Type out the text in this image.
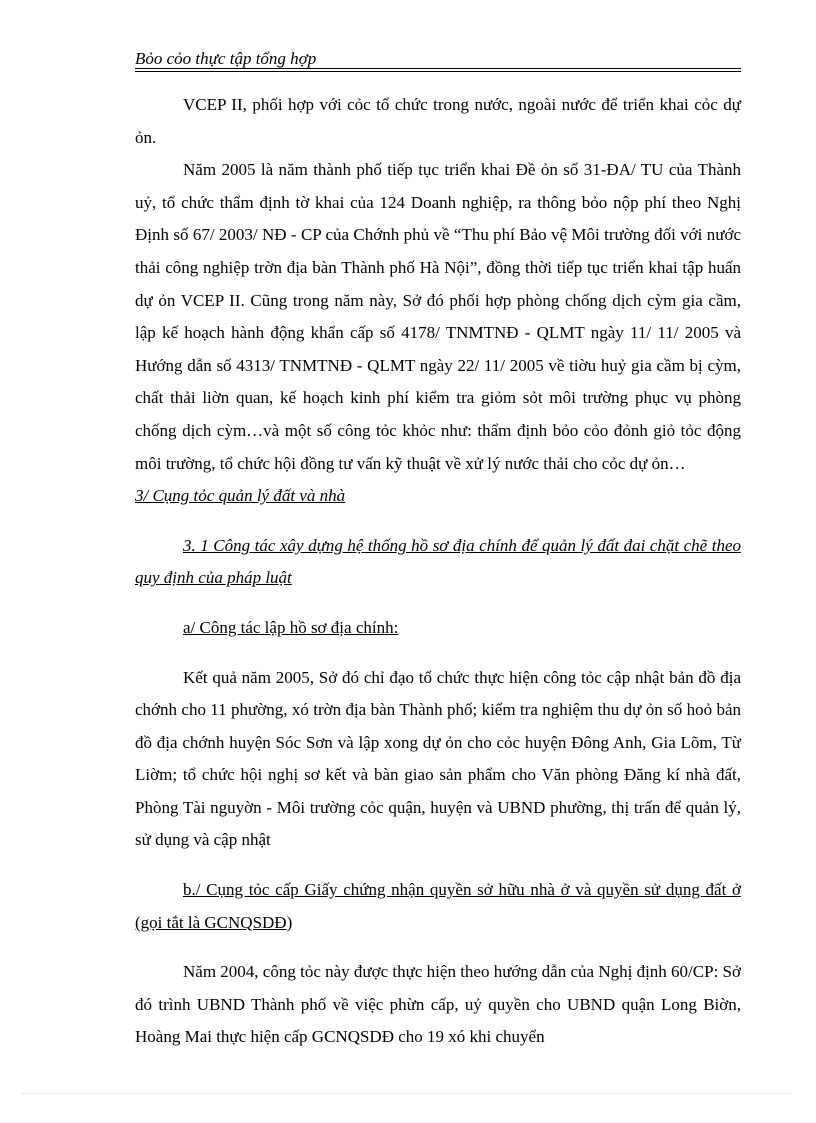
Bỏo cỏo thực tập tổng hợp

VCEP II, phối hợp với cỏc tổ chức trong nước, ngoài nước để triển khai cỏc dự ỏn.

Năm 2005 là năm thành phố tiếp tục triển khai Đề ỏn số 31-ĐA/ TU của Thành uỷ, tổ chức thẩm định tờ khai của 124 Doanh nghiệp, ra thông bỏo nộp phí theo Nghị Định số 67/ 2003/ NĐ - CP của Chớnh phủ về “Thu phí Bảo vệ Môi trường đối với nước thải công nghiệp trờn địa bàn Thành phố Hà Nội”, đồng thời tiếp tục triển khai tập huấn dự ỏn VCEP II. Cũng trong năm này, Sở đó phối hợp phòng chống dịch cỳm gia cầm, lập kế hoạch hành động khẩn cấp số 4178/ TNMTNĐ - QLMT ngày 11/ 11/ 2005 và Hướng dẫn số 4313/ TNMTNĐ - QLMT ngày 22/ 11/ 2005 về tiờu huỷ gia cầm bị cỳm, chất thải liờn quan, kế hoạch kinh phí kiểm tra giỏm sỏt môi trường phục vụ phòng chống dịch cỳm…và một số công tỏc khỏc như: thẩm định bỏo cỏo đỏnh giỏ tỏc động môi trường, tổ chức hội đồng tư vấn kỹ thuật về xử lý nước thải cho cỏc dự ỏn…

3/ Cụng tỏc quản lý đất và nhà

3. 1 Công tác xây dựng hệ thống hồ sơ địa chính để quản lý đất đai chặt chẽ theo quy định của pháp luật

a/ Công tác lập hồ sơ địa chính:

Kết quả năm 2005, Sở đó chỉ đạo tổ chức thực hiện công tỏc cập nhật bản đồ địa chớnh cho 11 phường, xó trờn địa bàn Thành phố; kiểm tra nghiệm thu dự ỏn số hoỏ bản đồ địa chớnh huyện Sóc Sơn và lập xong dự ỏn cho cỏc huyện Đông Anh, Gia Lõm, Từ Liờm; tổ chức hội nghị sơ kết và bàn giao sản phẩm cho Văn phòng Đăng kí nhà đất, Phòng Tài nguyờn - Môi trường cỏc quận, huyện và UBND phường, thị trấn để quản lý, sử dụng và cập nhật

b./ Cụng tỏc cấp Giấy chứng nhận quyền sở hữu nhà ở và quyền sử dụng đất ở (gọi tắt là GCNQSDĐ)

Năm 2004, công tỏc này được thực hiện theo hướng dẫn của Nghị định 60/CP: Sở đó trình UBND Thành phố về việc phừn cấp, uỷ quyền cho UBND quận Long Biờn, Hoàng Mai thực hiện cấp GCNQSDĐ cho 19 xó khi chuyển
